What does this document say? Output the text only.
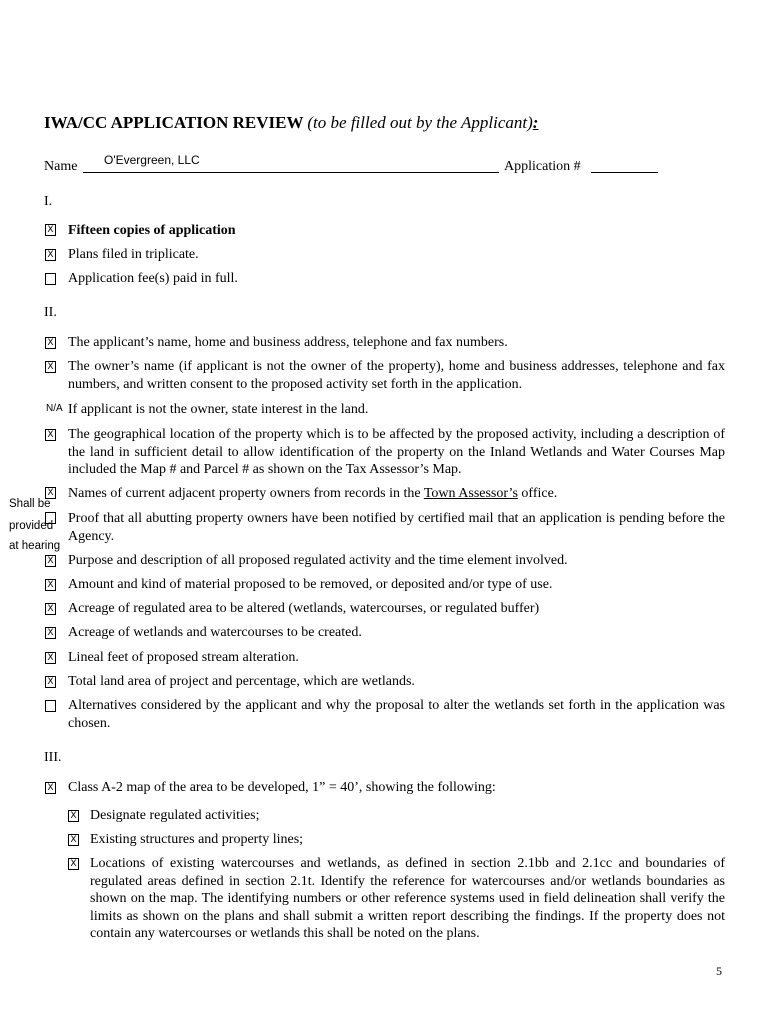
IWA/CC APPLICATION REVIEW (to be filled out by the Applicant):
Name O'Evergreen, LLC	Application #
I.
X Fifteen copies of application
X Plans filed in triplicate.
Application fee(s) paid in full.
II.
X The applicant’s name, home and business address, telephone and fax numbers.
X The owner’s name (if applicant is not the owner of the property), home and business addresses, telephone and fax numbers, and written consent to the proposed activity set forth in the application.
N/A If applicant is not the owner, state interest in the land.
X The geographical location of the property which is to be affected by the proposed activity, including a description of the land in sufficient detail to allow identification of the property on the Inland Wetlands and Water Courses Map included the Map # and Parcel # as shown on the Tax Assessor’s Map.
X Names of current adjacent property owners from records in the Town Assessor’s office.
Proof that all abutting property owners have been notified by certified mail that an application is pending before the Agency.
Shall be
provided
at hearing
X Purpose and description of all proposed regulated activity and the time element involved.
X Amount and kind of material proposed to be removed, or deposited and/or type of use.
X Acreage of regulated area to be altered (wetlands, watercourses, or regulated buffer)
X Acreage of wetlands and watercourses to be created.
X Lineal feet of proposed stream alteration.
X Total land area of project and percentage, which are wetlands.
Alternatives considered by the applicant and why the proposal to alter the wetlands set forth in the application was chosen.
III.
X Class A-2 map of the area to be developed, 1” = 40’, showing the following:
X Designate regulated activities;
X Existing structures and property lines;
X Locations of existing watercourses and wetlands, as defined in section 2.1bb and 2.1cc and boundaries of regulated areas defined in section 2.1t. Identify the reference for watercourses and/or wetlands boundaries as shown on the map. The identifying numbers or other reference systems used in field delineation shall verify the limits as shown on the plans and shall submit a written report describing the findings. If the property does not contain any watercourses or wetlands this shall be noted on the plans.
5
